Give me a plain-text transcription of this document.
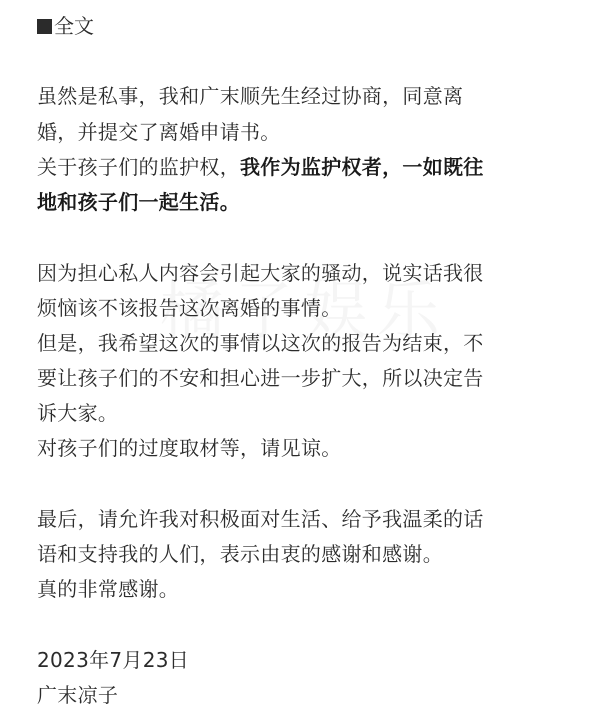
全文
虽然是私事，我和广末顺先生经过协商，同意离
婚，并提交了离婚申请书。
关于孩子们的监护权，我作为监护权者，一如既往
地和孩子们一起生活。
因为担心私人内容会引起大家的骚动，说实话我很
烦恼该不该报告这次离婚的事情。
但是，我希望这次的事情以这次的报告为结束，不
要让孩子们的不安和担心进一步扩大，所以决定告
诉大家。
对孩子们的过度取材等，请见谅。
最后，请允许我对积极面对生活、给予我温柔的话
语和支持我的人们，表示由衷的感谢和感谢。
真的非常感谢。
2023年7月23日
广末凉子
